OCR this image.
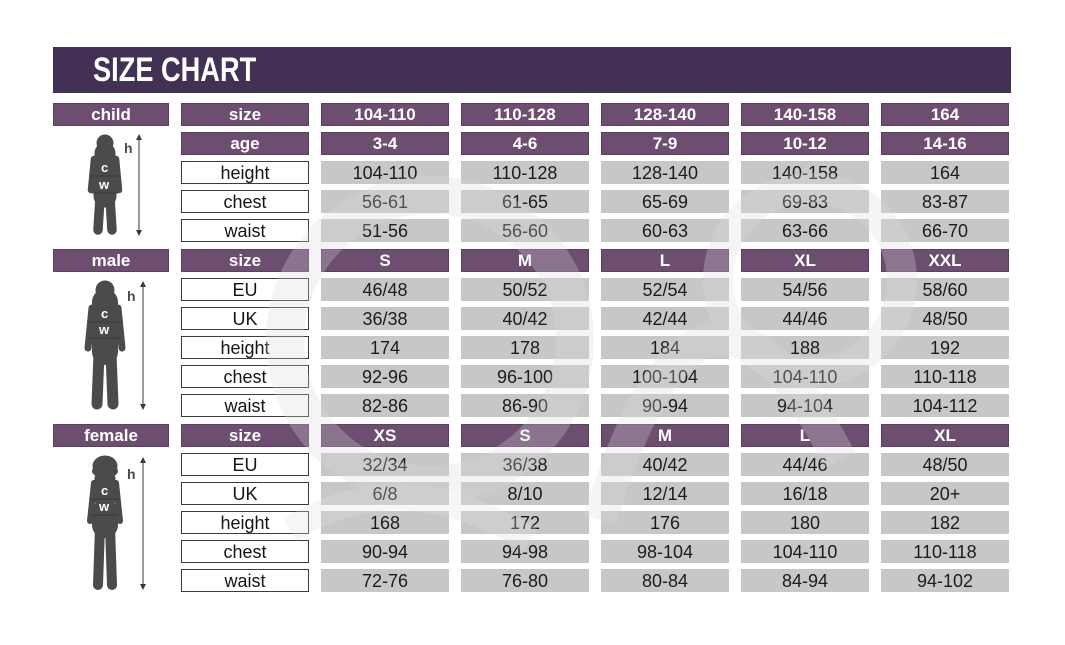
SIZE CHART
child
h
c
w
size	104-110	110-128	128-140	140-158	164
age	3-4	4-6	7-9	10-12	14-16
height	104-110	110-128	128-140	140-158	164
chest	56-61	61-65	65-69	69-83	83-87
waist	51-56	56-60	60-63	63-66	66-70
male
h
c
w
size	S	M	L	XL	XXL
EU	46/48	50/52	52/54	54/56	58/60
UK	36/38	40/42	42/44	44/46	48/50
height	174	178	184	188	192
chest	92-96	96-100	100-104	104-110	110-118
waist	82-86	86-90	90-94	94-104	104-112
female
h
c
w
size	XS	S	M	L	XL
EU	32/34	36/38	40/42	44/46	48/50
UK	6/8	8/10	12/14	16/18	20+
height	168	172	176	180	182
chest	90-94	94-98	98-104	104-110	110-118
waist	72-76	76-80	80-84	84-94	94-102
